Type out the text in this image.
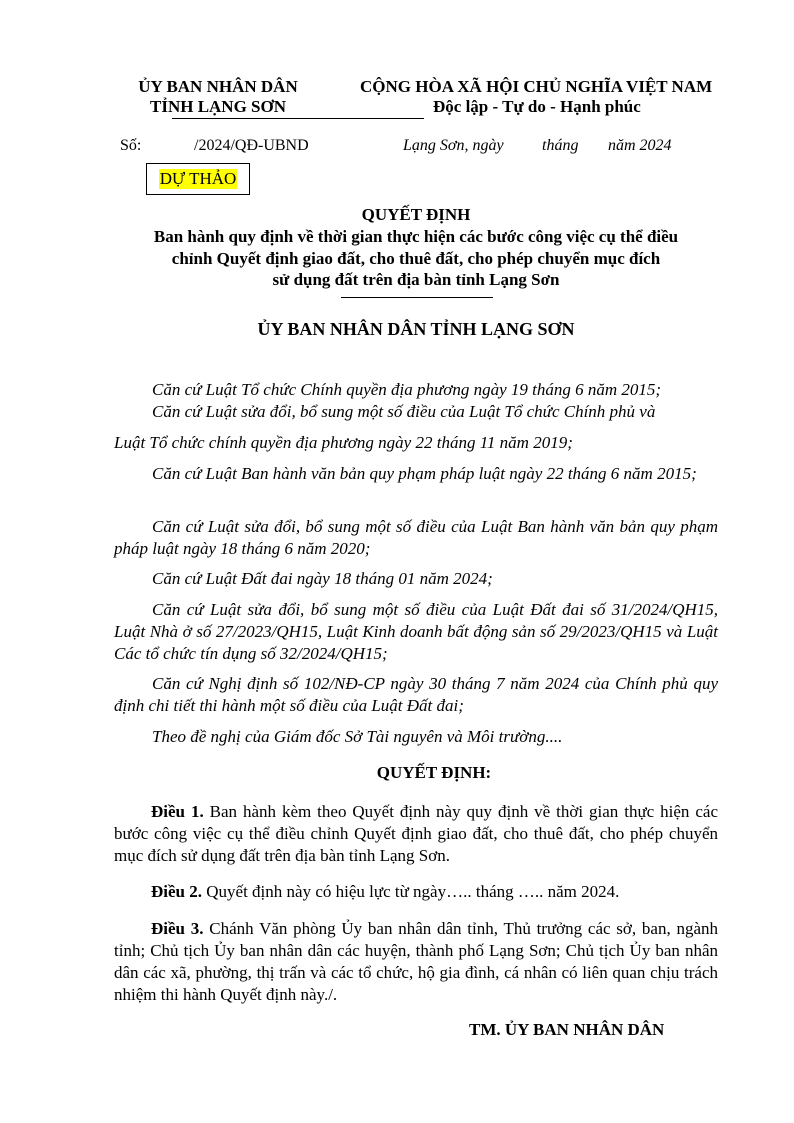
ỦY BAN NHÂN DÂN
TỈNH LẠNG SƠN
CỘNG HÒA XÃ HỘI CHỦ NGHĨA VIỆT NAM
Độc lập - Tự do - Hạnh phúc
Số:	/2024/QĐ-UBND	Lạng Sơn, ngày tháng năm 2024
DỰ THẢO
QUYẾT ĐỊNH
Ban hành quy định về thời gian thực hiện các bước công việc cụ thể điều
chỉnh Quyết định giao đất, cho thuê đất, cho phép chuyển mục đích
sử dụng đất trên địa bàn tỉnh Lạng Sơn
ỦY BAN NHÂN DÂN TỈNH LẠNG SƠN
Căn cứ Luật Tổ chức Chính quyền địa phương ngày 19 tháng 6 năm 2015;
Căn cứ Luật sửa đổi, bổ sung một số điều của Luật Tổ chức Chính phủ và
Luật Tổ chức chính quyền địa phương ngày 22 tháng 11 năm 2019;
Căn cứ Luật Ban hành văn bản quy phạm pháp luật ngày 22 tháng 6 năm 2015;
Căn cứ Luật sửa đổi, bổ sung một số điều của Luật Ban hành văn bản quy phạm pháp luật ngày 18 tháng 6 năm 2020;
Căn cứ Luật Đất đai ngày 18 tháng 01 năm 2024;
Căn cứ Luật sửa đổi, bổ sung một số điều của Luật Đất đai số 31/2024/QH15, Luật Nhà ở số 27/2023/QH15, Luật Kinh doanh bất động sản số 29/2023/QH15 và Luật Các tổ chức tín dụng số 32/2024/QH15;
Căn cứ Nghị định số 102/NĐ-CP ngày 30 tháng 7 năm 2024 của Chính phủ quy định chi tiết thi hành một số điều của Luật Đất đai;
Theo đề nghị của Giám đốc Sở Tài nguyên và Môi trường....
QUYẾT ĐỊNH:
Điều 1. Ban hành kèm theo Quyết định này quy định về thời gian thực hiện các bước công việc cụ thể điều chỉnh Quyết định giao đất, cho thuê đất, cho phép chuyển mục đích sử dụng đất trên địa bàn tỉnh Lạng Sơn.
Điều 2. Quyết định này có hiệu lực từ ngày….. tháng ….. năm 2024.
Điều 3. Chánh Văn phòng Ủy ban nhân dân tỉnh, Thủ trưởng các sở, ban, ngành tỉnh; Chủ tịch Ủy ban nhân dân các huyện, thành phố Lạng Sơn; Chủ tịch Ủy ban nhân dân các xã, phường, thị trấn và các tổ chức, hộ gia đình, cá nhân có liên quan chịu trách nhiệm thi hành Quyết định này./.
TM. ỦY BAN NHÂN DÂN
